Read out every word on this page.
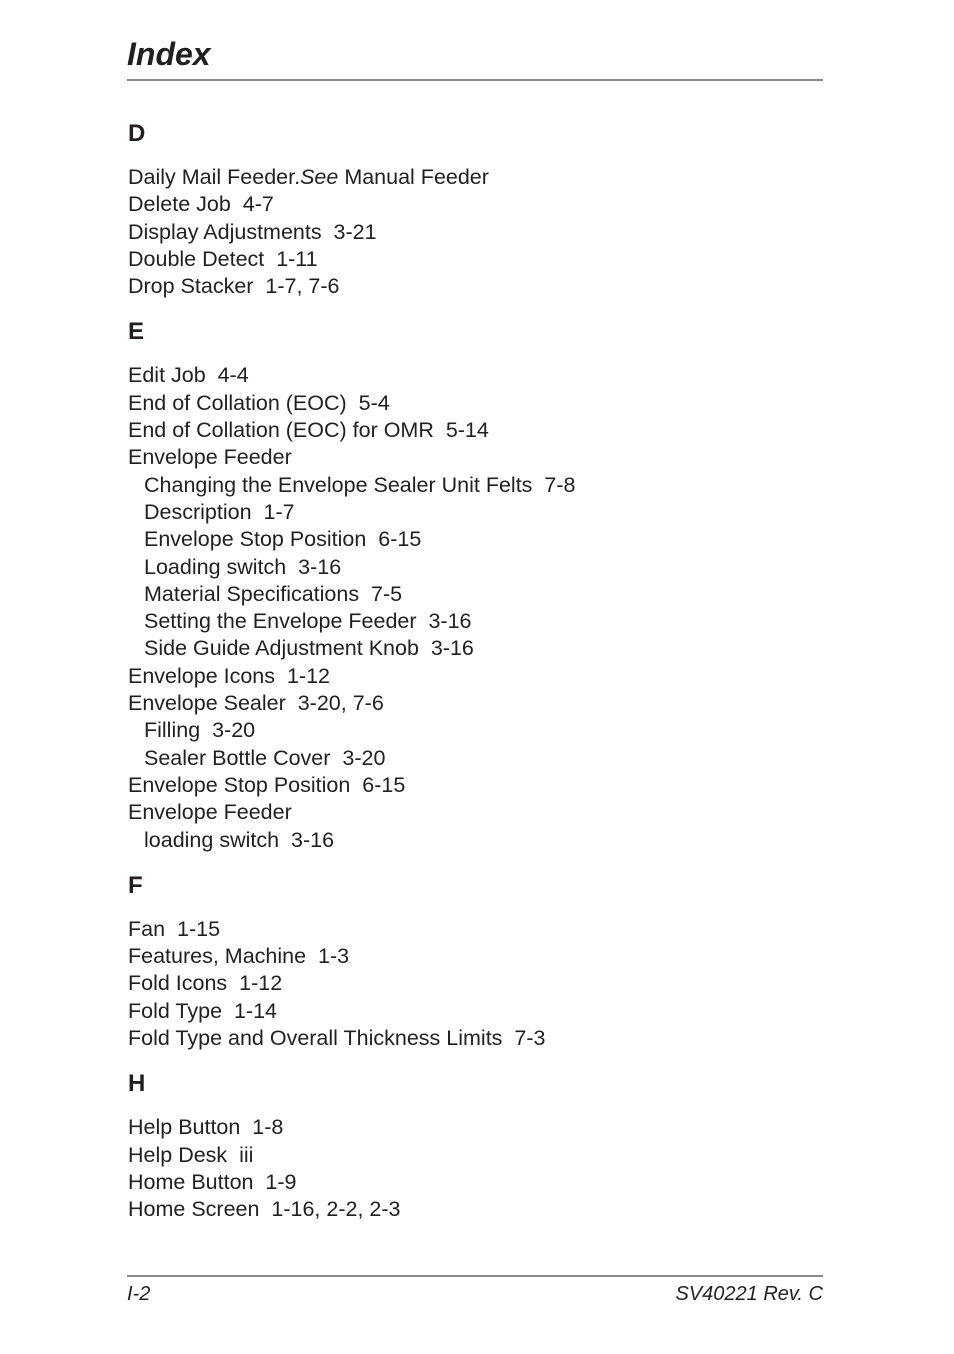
Index
D
Daily Mail Feeder.See Manual Feeder
Delete Job  4-7
Display Adjustments  3-21
Double Detect  1-11
Drop Stacker  1-7, 7-6
E
Edit Job  4-4
End of Collation (EOC)  5-4
End of Collation (EOC) for OMR  5-14
Envelope Feeder
Changing the Envelope Sealer Unit Felts  7-8
Description  1-7
Envelope Stop Position  6-15
Loading switch  3-16
Material Specifications  7-5
Setting the Envelope Feeder  3-16
Side Guide Adjustment Knob  3-16
Envelope Icons  1-12
Envelope Sealer  3-20, 7-6
Filling  3-20
Sealer Bottle Cover  3-20
Envelope Stop Position  6-15
Envelope Feeder
loading switch  3-16
F
Fan  1-15
Features, Machine  1-3
Fold Icons  1-12
Fold Type  1-14
Fold Type and Overall Thickness Limits  7-3
H
Help Button  1-8
Help Desk  iii
Home Button  1-9
Home Screen  1-16, 2-2, 2-3
I-2	SV40221 Rev. C
